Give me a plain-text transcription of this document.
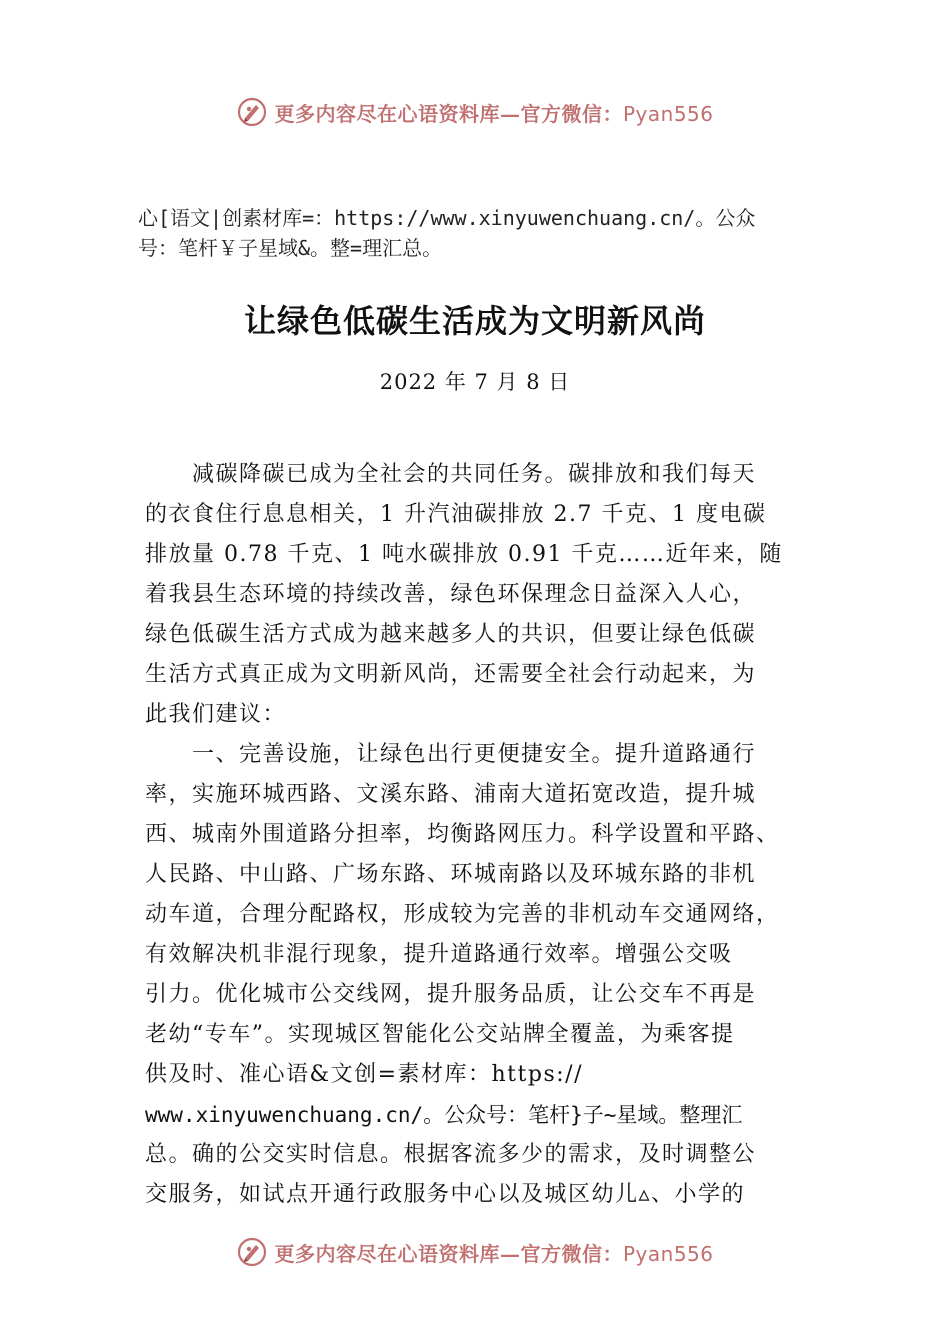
更多内容尽在心语资料库—官方微信：Pyan556
心[语文|创素材库=：https://www.xinyuwenchuang.cn/。公众
号：笔杆￥子星域&。整=理汇总。
让绿色低碳生活成为文明新风尚
2022 年 7 月 8 日
　　减碳降碳已成为全社会的共同任务。碳排放和我们每天
的衣食住行息息相关，1 升汽油碳排放 2.7 千克、1 度电碳
排放量 0.78 千克、1 吨水碳排放 0.91 千克……近年来，随
着我县生态环境的持续改善，绿色环保理念日益深入人心，
绿色低碳生活方式成为越来越多人的共识，但要让绿色低碳
生活方式真正成为文明新风尚，还需要全社会行动起来，为
此我们建议：
　　一、完善设施，让绿色出行更便捷安全。提升道路通行
率，实施环城西路、文溪东路、浦南大道拓宽改造，提升城
西、城南外围道路分担率，均衡路网压力。科学设置和平路、
人民路、中山路、广场东路、环城南路以及环城东路的非机
动车道，合理分配路权，形成较为完善的非机动车交通网络，
有效解决机非混行现象，提升道路通行效率。增强公交吸
引力。优化城市公交线网，提升服务品质，让公交车不再是
老幼“专车”。实现城区智能化公交站牌全覆盖，为乘客提
供及时、准心语&文创=素材库：https://
www.xinyuwenchuang.cn/。公众号：笔杆}子~星域。整理汇
总。确的公交实时信息。根据客流多少的需求，及时调整公
交服务，如试点开通行政服务中心以及城区幼儿▵、小学的
更多内容尽在心语资料库—官方微信：Pyan556
